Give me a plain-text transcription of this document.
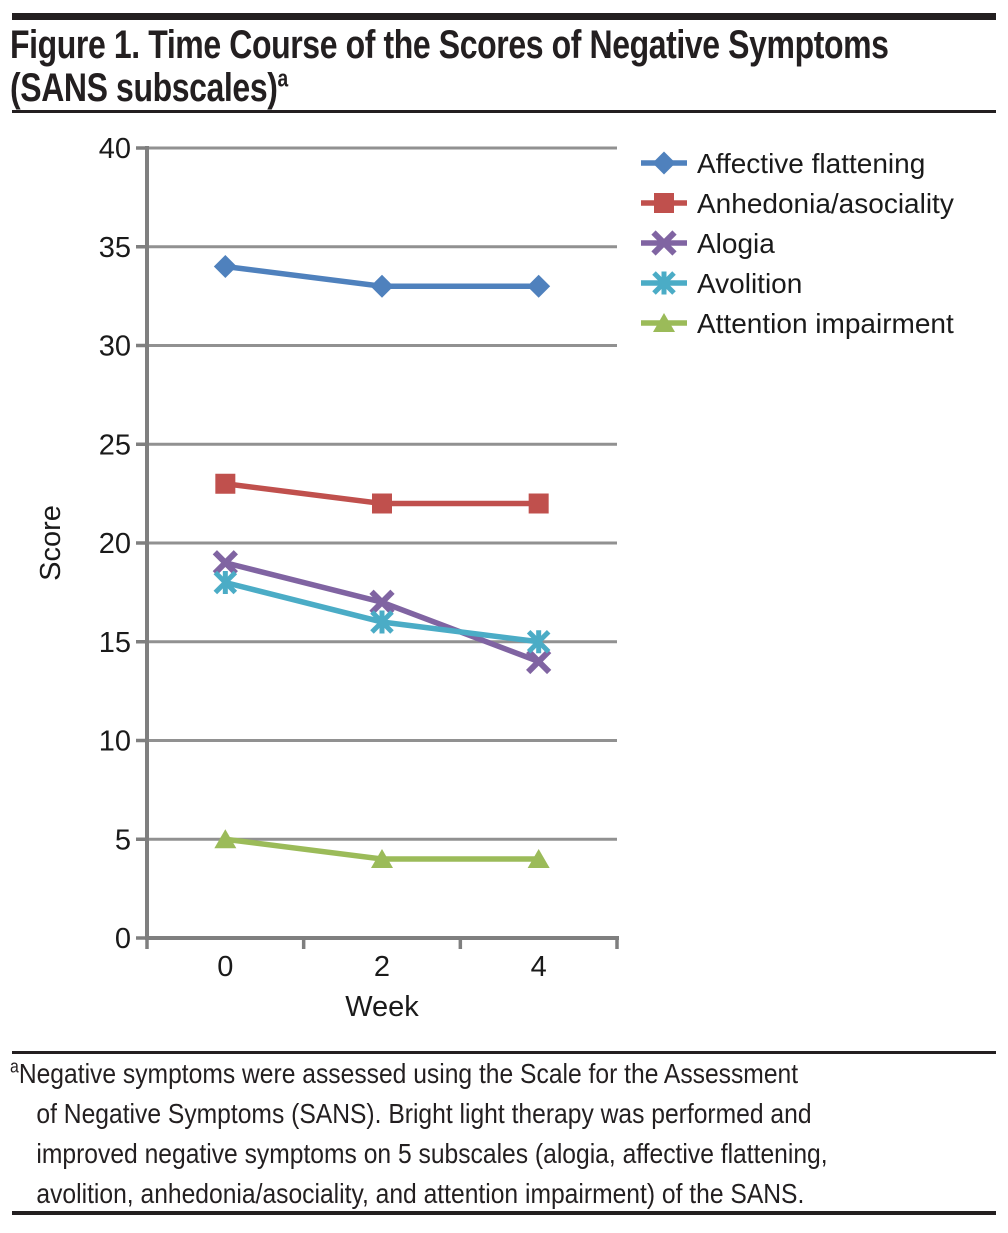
Figure 1. Time Course of the Scores of Negative Symptoms
(SANS subscales)$^a$
0
5
10
15
20
25
30
35
40
0	2	4
Week
Score
Affective flattening
Anhedonia/asociality
Alogia
Avolition
Attention impairment
$^a$Negative symptoms were assessed using the Scale for the Assessment
of Negative Symptoms (SANS). Bright light therapy was performed and
improved negative symptoms on 5 subscales (alogia, affective flattening,
avolition, anhedonia/asociality, and attention impairment) of the SANS.
